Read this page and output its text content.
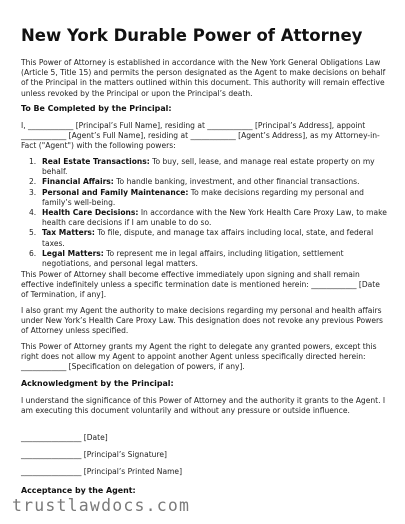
New York Durable Power of Attorney
This Power of Attorney is established in accordance with the New York General Obligations Law (Article 5, Title 15) and permits the person designated as the Agent to make decisions on behalf of the Principal in the matters outlined within this document. This authority will remain effective unless revoked by the Principal or upon the Principal’s death.
To Be Completed by the Principal:
I, ____________ [Principal’s Full Name], residing at ____________ [Principal’s Address], appoint ____________ [Agent’s Full Name], residing at ____________ [Agent’s Address], as my Attorney-in-Fact ("Agent") with the following powers:
1. Real Estate Transactions: To buy, sell, lease, and manage real estate property on my behalf.
2. Financial Affairs: To handle banking, investment, and other financial transactions.
3. Personal and Family Maintenance: To make decisions regarding my personal and family’s well-being.
4. Health Care Decisions: In accordance with the New York Health Care Proxy Law, to make health care decisions if I am unable to do so.
5. Tax Matters: To file, dispute, and manage tax affairs including local, state, and federal taxes.
6. Legal Matters: To represent me in legal affairs, including litigation, settlement negotiations, and personal legal matters.
This Power of Attorney shall become effective immediately upon signing and shall remain effective indefinitely unless a specific termination date is mentioned herein: ____________ [Date of Termination, if any].
I also grant my Agent the authority to make decisions regarding my personal and health affairs under New York’s Health Care Proxy Law. This designation does not revoke any previous Powers of Attorney unless specified.
This Power of Attorney grants my Agent the right to delegate any granted powers, except this right does not allow my Agent to appoint another Agent unless specifically directed herein: ____________ [Specification on delegation of powers, if any].
Acknowledgment by the Principal:
I understand the significance of this Power of Attorney and the authority it grants to the Agent. I am executing this document voluntarily and without any pressure or outside influence.
________________ [Date]
________________ [Principal’s Signature]
________________ [Principal’s Printed Name]
Acceptance by the Agent:
trustlawdocs.com
